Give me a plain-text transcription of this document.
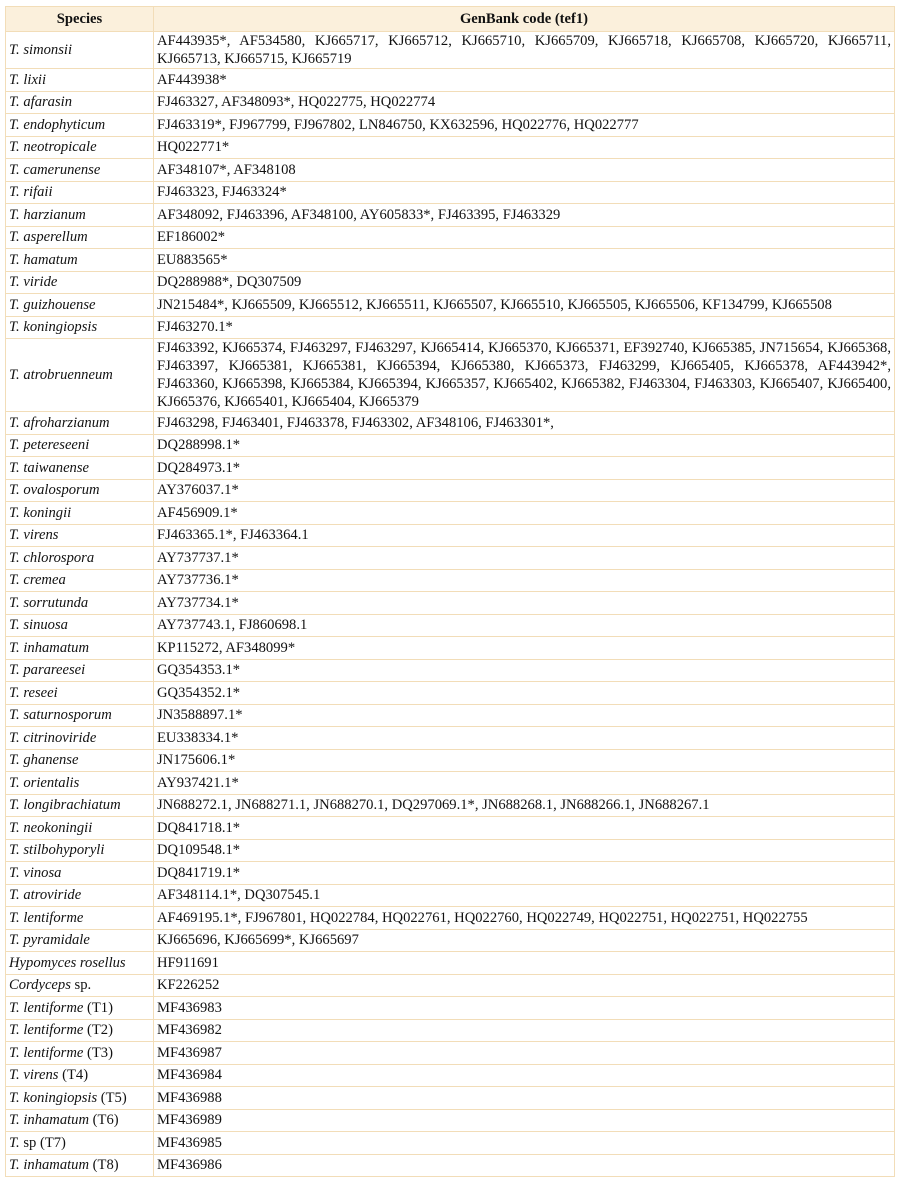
Species	GenBank code (tef1)
T. simonsii	AF443935*, AF534580, KJ665717, KJ665712, KJ665710, KJ665709, KJ665718, KJ665708, KJ665720, KJ665711, KJ665713, KJ665715, KJ665719
T. lixii	AF443938*
T. afarasin	FJ463327, AF348093*, HQ022775, HQ022774
T. endophyticum	FJ463319*, FJ967799, FJ967802, LN846750, KX632596, HQ022776, HQ022777
T. neotropicale	HQ022771*
T. camerunense	AF348107*, AF348108
T. rifaii	FJ463323, FJ463324*
T. harzianum	AF348092, FJ463396, AF348100, AY605833*, FJ463395, FJ463329
T. asperellum	EF186002*
T. hamatum	EU883565*
T. viride	DQ288988*, DQ307509
T. guizhouense	JN215484*, KJ665509, KJ665512, KJ665511, KJ665507, KJ665510, KJ665505, KJ665506, KF134799, KJ665508
T. koningiopsis	FJ463270.1*
T. atrobruenneum	FJ463392, KJ665374, FJ463297, FJ463297, KJ665414, KJ665370, KJ665371, EF392740, KJ665385, JN715654, KJ665368, FJ463397, KJ665381, KJ665381, KJ665394, KJ665380, KJ665373, FJ463299, KJ665405, KJ665378, AF443942*, FJ463360, KJ665398, KJ665384, KJ665394, KJ665357, KJ665402, KJ665382, FJ463304, FJ463303, KJ665407, KJ665400, KJ665376, KJ665401, KJ665404, KJ665379
T. afroharzianum	FJ463298, FJ463401, FJ463378, FJ463302, AF348106, FJ463301*,
T. petereseeni	DQ288998.1*
T. taiwanense	DQ284973.1*
T. ovalosporum	AY376037.1*
T. koningii	AF456909.1*
T. virens	FJ463365.1*, FJ463364.1
T. chlorospora	AY737737.1*
T. cremea	AY737736.1*
T. sorrutunda	AY737734.1*
T. sinuosa	AY737743.1, FJ860698.1
T. inhamatum	KP115272, AF348099*
T. parareesei	GQ354353.1*
T. reseei	GQ354352.1*
T. saturnosporum	JN3588897.1*
T. citrinoviride	EU338334.1*
T. ghanense	JN175606.1*
T. orientalis	AY937421.1*
T. longibrachiatum	JN688272.1, JN688271.1, JN688270.1, DQ297069.1*, JN688268.1, JN688266.1, JN688267.1
T. neokoningii	DQ841718.1*
T. stilbohyporyli	DQ109548.1*
T. vinosa	DQ841719.1*
T. atroviride	AF348114.1*, DQ307545.1
T. lentiforme	AF469195.1*, FJ967801, HQ022784, HQ022761, HQ022760, HQ022749, HQ022751, HQ022751, HQ022755
T. pyramidale	KJ665696, KJ665699*, KJ665697
Hypomyces rosellus	HF911691
Cordyceps sp.	KF226252
T. lentiforme (T1)	MF436983
T. lentiforme (T2)	MF436982
T. lentiforme (T3)	MF436987
T. virens (T4)	MF436984
T. koningiopsis (T5)	MF436988
T. inhamatum (T6)	MF436989
T. sp (T7)	MF436985
T. inhamatum (T8)	MF436986
